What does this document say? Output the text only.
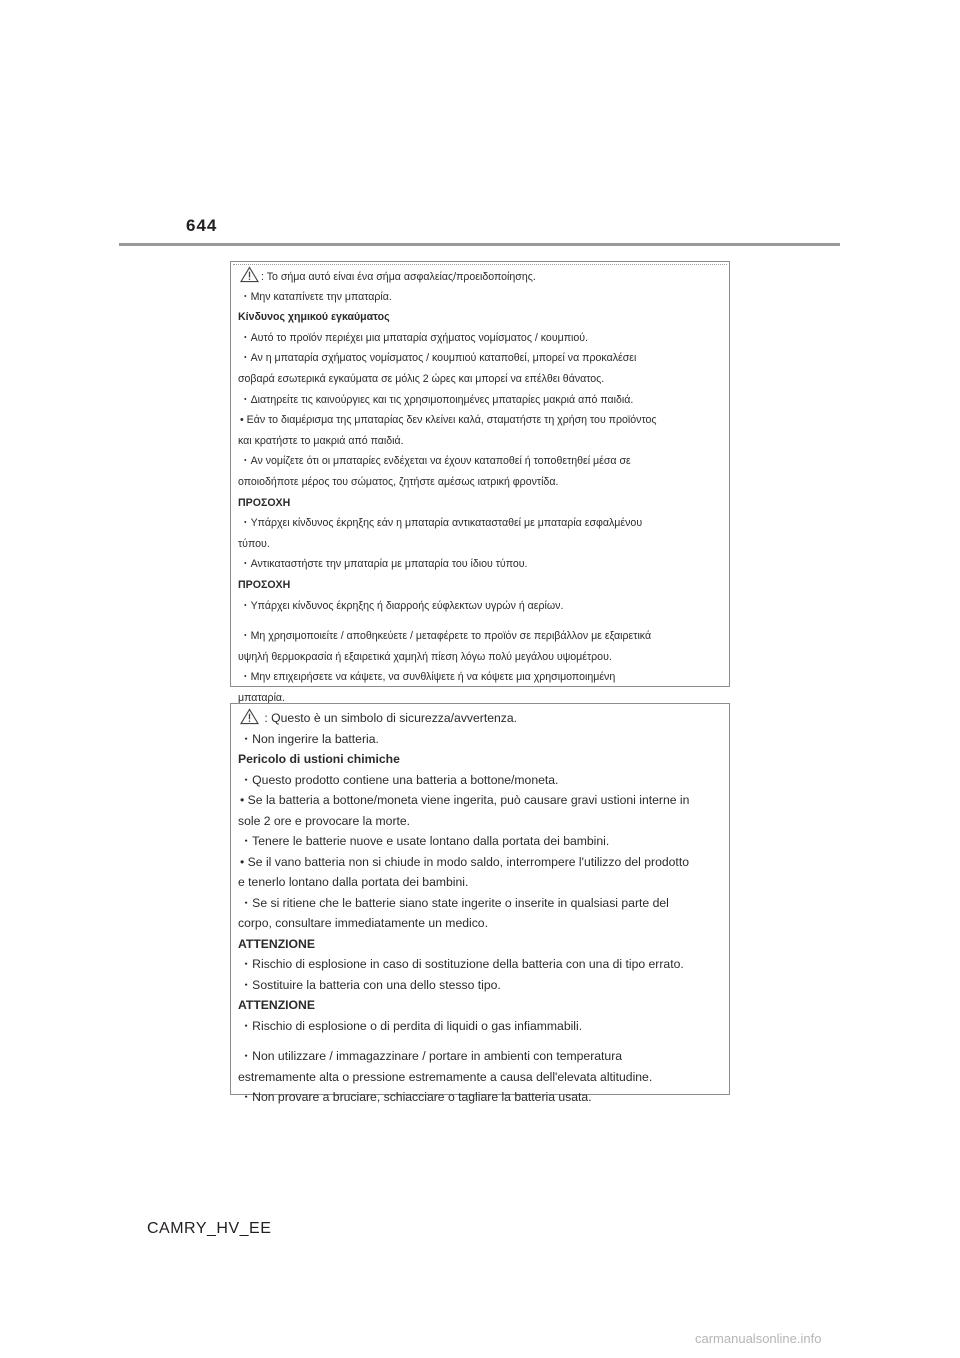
644
: Το σήμα αυτό είναι ένα σήμα ασφαλείας/προειδοποίησης.
・Μην καταπίνετε την μπαταρία.
Κίνδυνος χημικού εγκαύματος
・Αυτό το προϊόν περιέχει μια μπαταρία σχήματος νομίσματος / κουμπιού.
・Αν η μπαταρία σχήματος νομίσματος / κουμπιού καταποθεί, μπορεί να προκαλέσει
σοβαρά εσωτερικά εγκαύματα σε μόλις 2 ώρες και μπορεί να επέλθει θάνατος.
・Διατηρείτε τις καινούργιες και τις χρησιμοποιημένες μπαταρίες μακριά από παιδιά.
• Εάν το διαμέρισμα της μπαταρίας δεν κλείνει καλά, σταματήστε τη χρήση του προϊόντος
και κρατήστε το μακριά από παιδιά.
・Αν νομίζετε ότι οι μπαταρίες ενδέχεται να έχουν καταποθεί ή τοποθετηθεί μέσα σε
οποιοδήποτε μέρος του σώματος, ζητήστε αμέσως ιατρική φροντίδα.
ΠΡΟΣΟΧΗ
・Υπάρχει κίνδυνος έκρηξης εάν η μπαταρία αντικατασταθεί με μπαταρία εσφαλμένου
τύπου.
・Αντικαταστήστε την μπαταρία με μπαταρία του ίδιου τύπου.
ΠΡΟΣΟΧΗ
・Υπάρχει κίνδυνος έκρηξης ή διαρροής εύφλεκτων υγρών ή αερίων.
・Μη χρησιμοποιείτε / αποθηκεύετε / μεταφέρετε το προϊόν σε περιβάλλον με εξαιρετικά
υψηλή θερμοκρασία ή εξαιρετικά χαμηλή πίεση λόγω πολύ μεγάλου υψομέτρου.
・Μην επιχειρήσετε να κάψετε, να συνθλίψετε ή να κόψετε μια χρησιμοποιημένη
μπαταρία.
: Questo è un simbolo di sicurezza/avvertenza.
・Non ingerire la batteria.
Pericolo di ustioni chimiche
・Questo prodotto contiene una batteria a bottone/moneta.
• Se la batteria a bottone/moneta viene ingerita, può causare gravi ustioni interne in
sole 2 ore e provocare la morte.
・Tenere le batterie nuove e usate lontano dalla portata dei bambini.
• Se il vano batteria non si chiude in modo saldo, interrompere l'utilizzo del prodotto
e tenerlo lontano dalla portata dei bambini.
・Se si ritiene che le batterie siano state ingerite o inserite in qualsiasi parte del
corpo, consultare immediatamente un medico.
ATTENZIONE
・Rischio di esplosione in caso di sostituzione della batteria con una di tipo errato.
・Sostituire la batteria con una dello stesso tipo.
ATTENZIONE
・Rischio di esplosione o di perdita di liquidi o gas infiammabili.
・Non utilizzare / immagazzinare / portare in ambienti con temperatura
estremamente alta o pressione estremamente a causa dell'elevata altitudine.
・Non provare a bruciare, schiacciare o tagliare la batteria usata.
CAMRY_HV_EE
carmanualsonline.info
